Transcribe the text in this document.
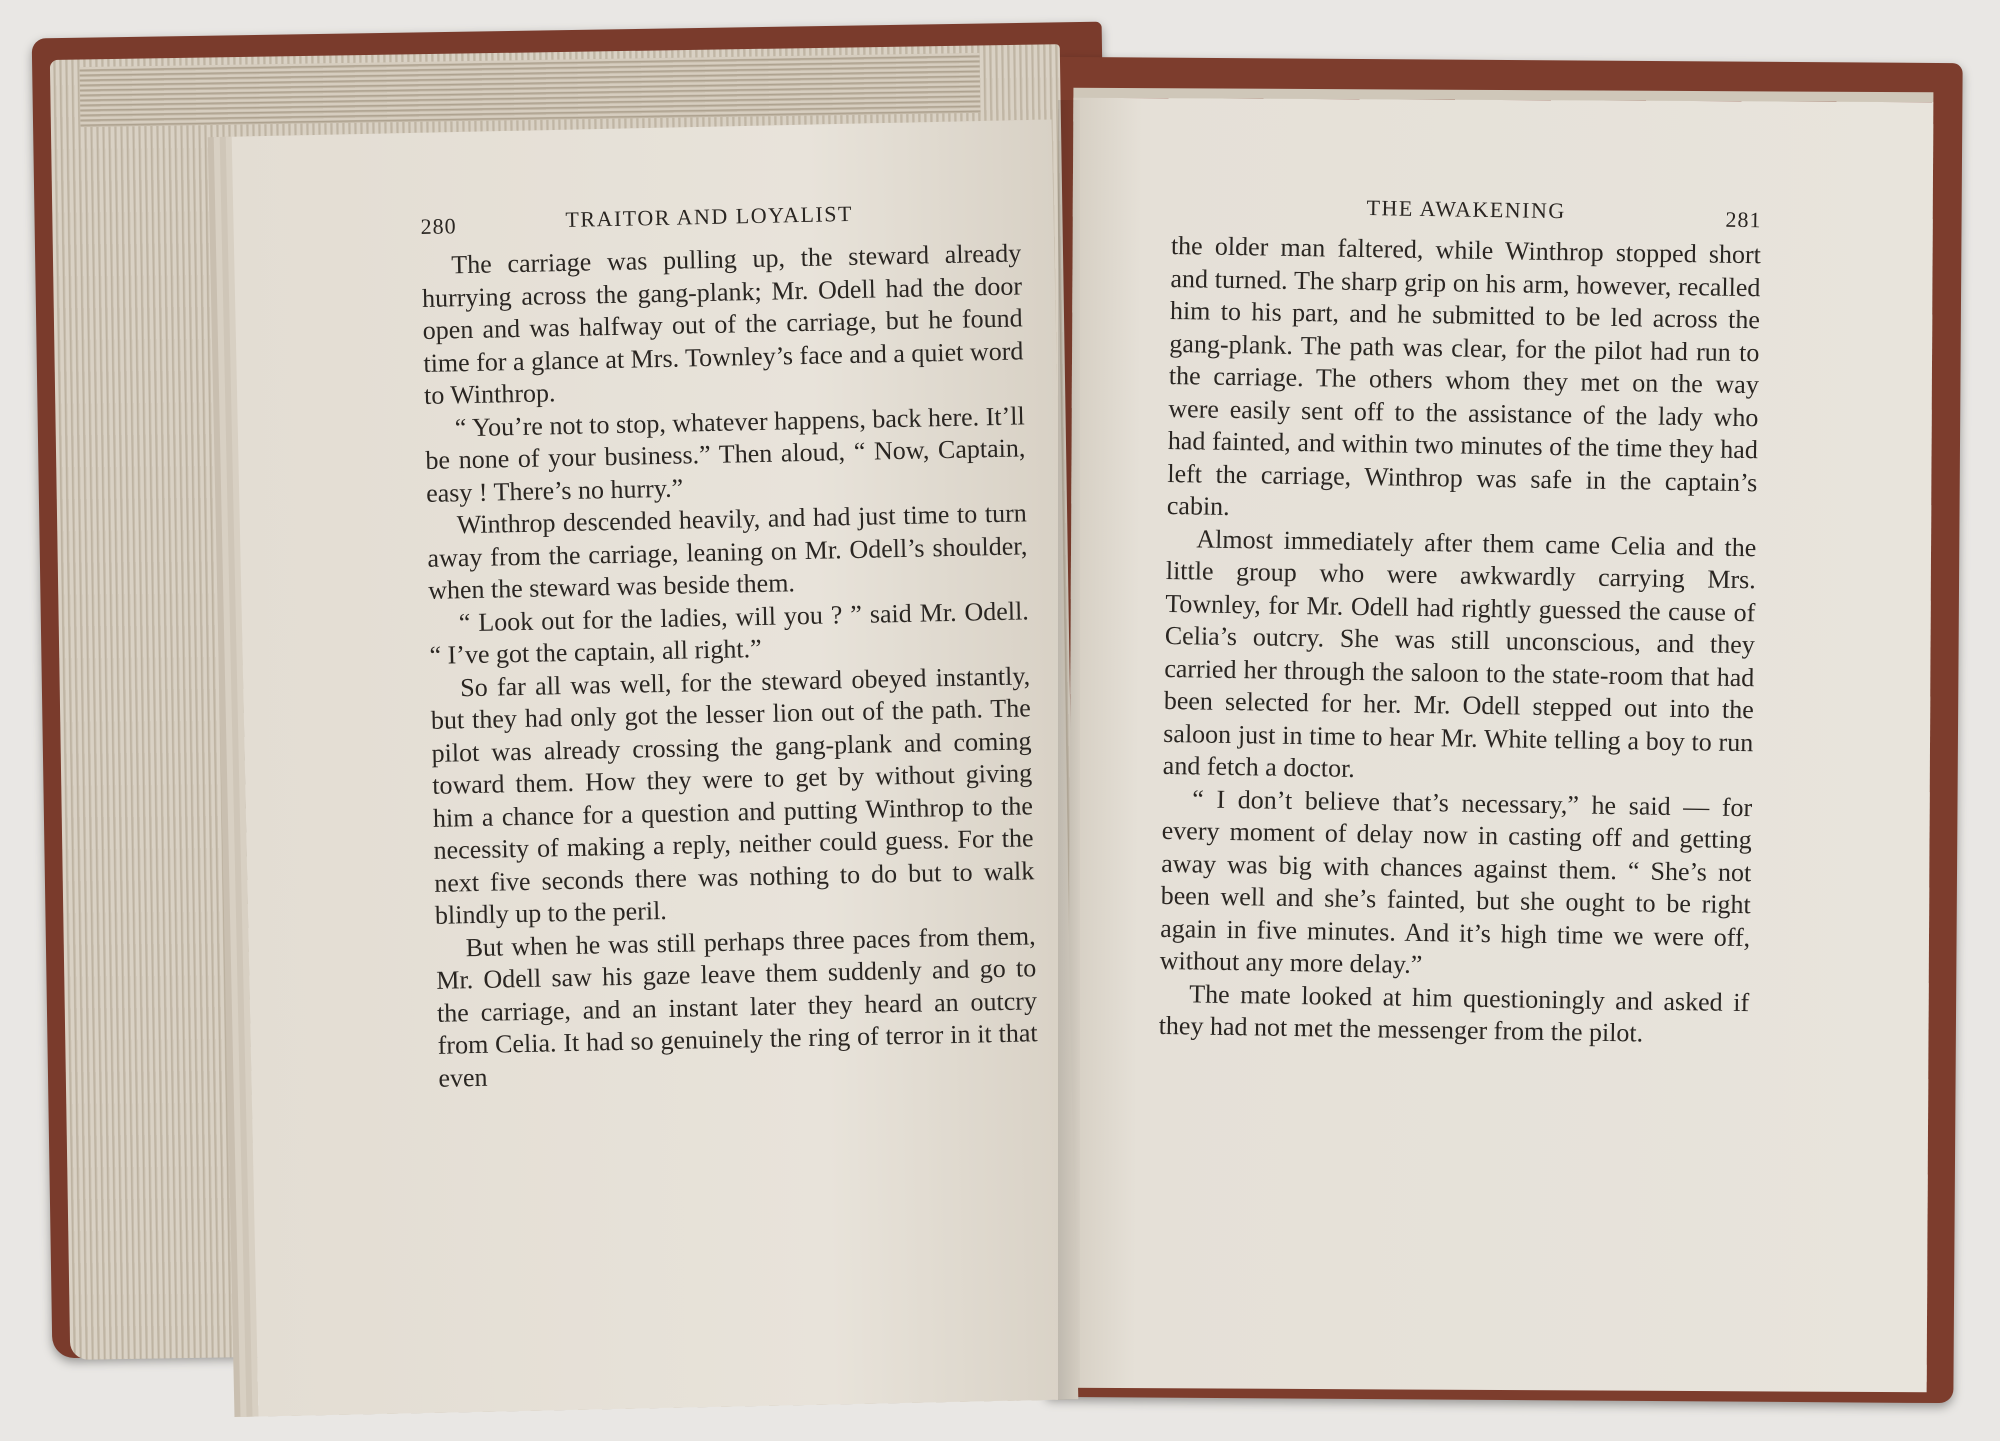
280	TRAITOR AND LOYALIST

The carriage was pulling up, the steward already hurrying across the gang-plank; Mr. Odell had the door open and was halfway out of the carriage, but he found time for a glance at Mrs. Townley’s face and a quiet word to Winthrop.

“ You’re not to stop, whatever happens, back here. It’ll be none of your business.” Then aloud, “ Now, Captain, easy ! There’s no hurry.”

Winthrop descended heavily, and had just time to turn away from the carriage, leaning on Mr. Odell’s shoulder, when the steward was beside them.

“ Look out for the ladies, will you ? ” said Mr. Odell. “ I’ve got the captain, all right.”

So far all was well, for the steward obeyed instantly, but they had only got the lesser lion out of the path. The pilot was already crossing the gang-plank and coming toward them. How they were to get by without giving him a chance for a question and putting Winthrop to the necessity of making a reply, neither could guess. For the next five seconds there was nothing to do but to walk blindly up to the peril.

But when he was still perhaps three paces from them, Mr. Odell saw his gaze leave them suddenly and go to the carriage, and an instant later they heard an outcry from Celia. It had so genuinely the ring of terror in it that even

THE AWAKENING	281

the older man faltered, while Winthrop stopped short and turned. The sharp grip on his arm, however, recalled him to his part, and he submitted to be led across the gang-plank. The path was clear, for the pilot had run to the carriage. The others whom they met on the way were easily sent off to the assistance of the lady who had fainted, and within two minutes of the time they had left the carriage, Winthrop was safe in the captain’s cabin.

Almost immediately after them came Celia and the little group who were awkwardly carrying Mrs. Townley, for Mr. Odell had rightly guessed the cause of Celia’s outcry. She was still unconscious, and they carried her through the saloon to the state-room that had been selected for her. Mr. Odell stepped out into the saloon just in time to hear Mr. White telling a boy to run and fetch a doctor.

“ I don’t believe that’s necessary,” he said — for every moment of delay now in casting off and getting away was big with chances against them. “ She’s not been well and she’s fainted, but she ought to be right again in five minutes. And it’s high time we were off, without any more delay.”

The mate looked at him questioningly and asked if they had not met the messenger from the pilot.
